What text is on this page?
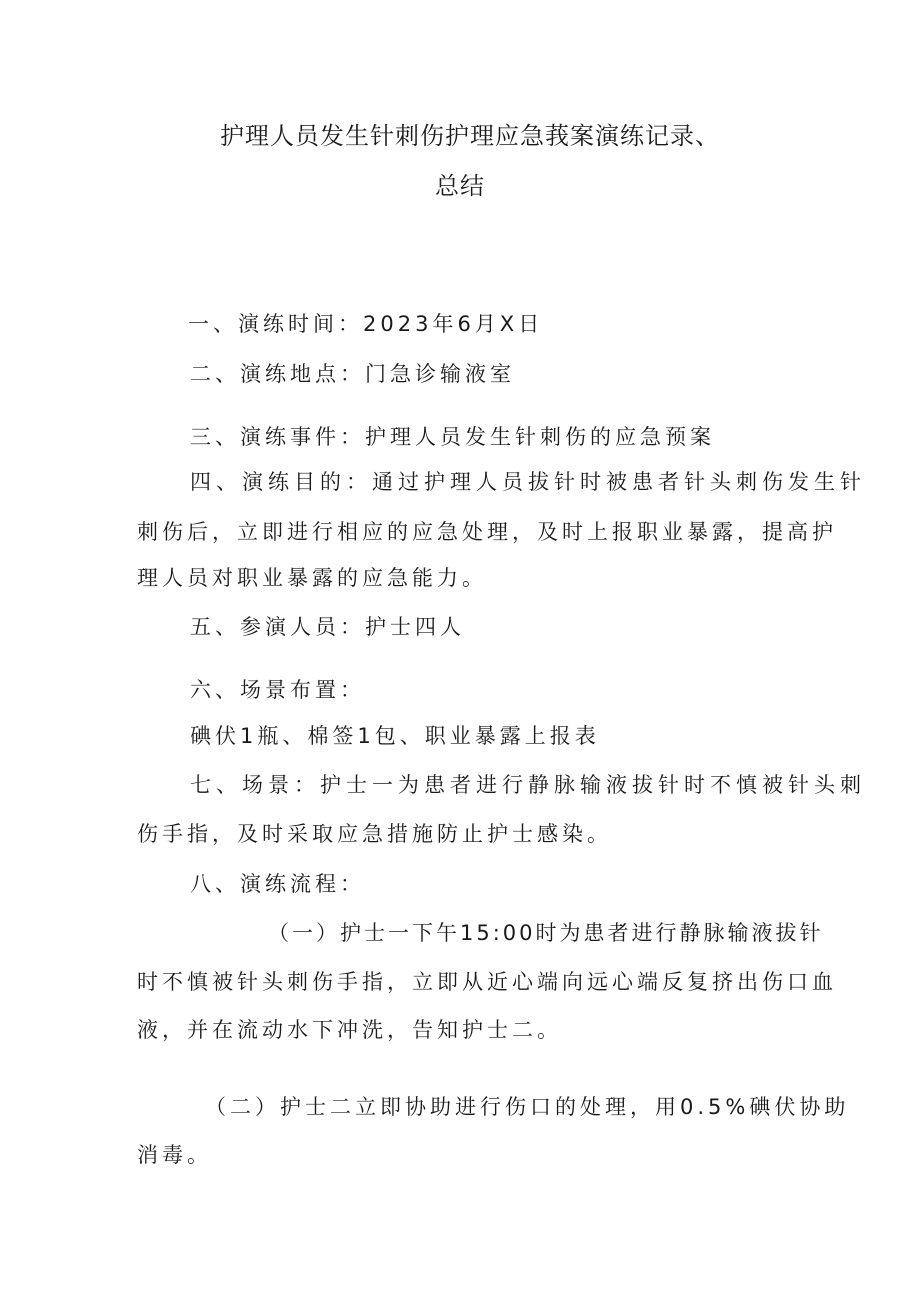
护理人员发生针刺伤护理应急莪案演练记录、
总结

一、演练时间：2023年6月X日

二、演练地点：门急诊输液室

三、演练事件：护理人员发生针刺伤的应急预案

四、演练目的：通过护理人员拔针时被患者针头刺伤发生针

刺伤后，立即进行相应的应急处理，及时上报职业暴露，提高护

理人员对职业暴露的应急能力。

五、参演人员：护士四人

六、场景布置：

碘伏1瓶、棉签1包、职业暴露上报表

七、场景：护士一为患者进行静脉输液拔针时不慎被针头刺

伤手指，及时采取应急措施防止护士感染。

八、演练流程：

（一）护士一下午15:00时为患者进行静脉输液拔针

时不慎被针头刺伤手指，立即从近心端向远心端反复挤出伤口血

液，并在流动水下冲洗，告知护士二。

（二）护士二立即协助进行伤口的处理，用0.5%碘伏协助

消毒。
